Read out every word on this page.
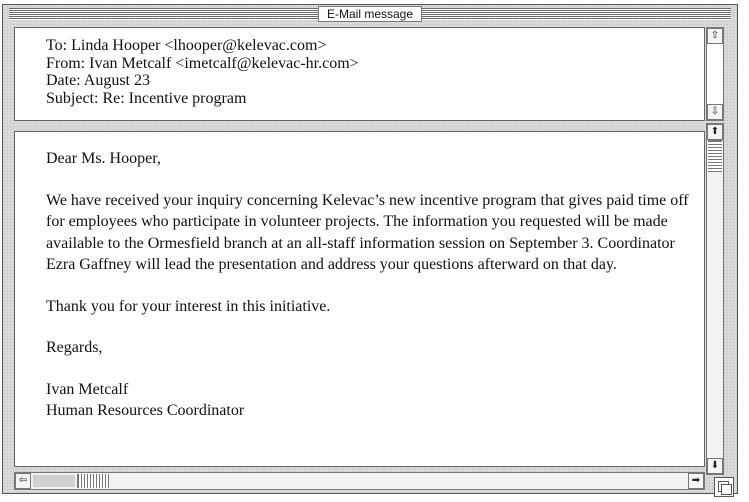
E-Mail message
To: Linda Hooper <lhooper@kelevac.com>
From: Ivan Metcalf <imetcalf@kelevac-hr.com>
Date: August 23
Subject: Re: Incentive program
⇧
⇩

Dear Ms. Hooper,

We have received your inquiry concerning Kelevac’s new incentive program that gives paid time off for employees who participate in volunteer projects. The information you requested will be made available to the Ormesfield branch at an all-staff information session on September 3. Coordinator Ezra Gaffney will lead the presentation and address your questions afterward on that day.

Thank you for your interest in this initiative.

Regards,

Ivan Metcalf

Human Resources Coordinator

⬆
⬇
⇦	➡
